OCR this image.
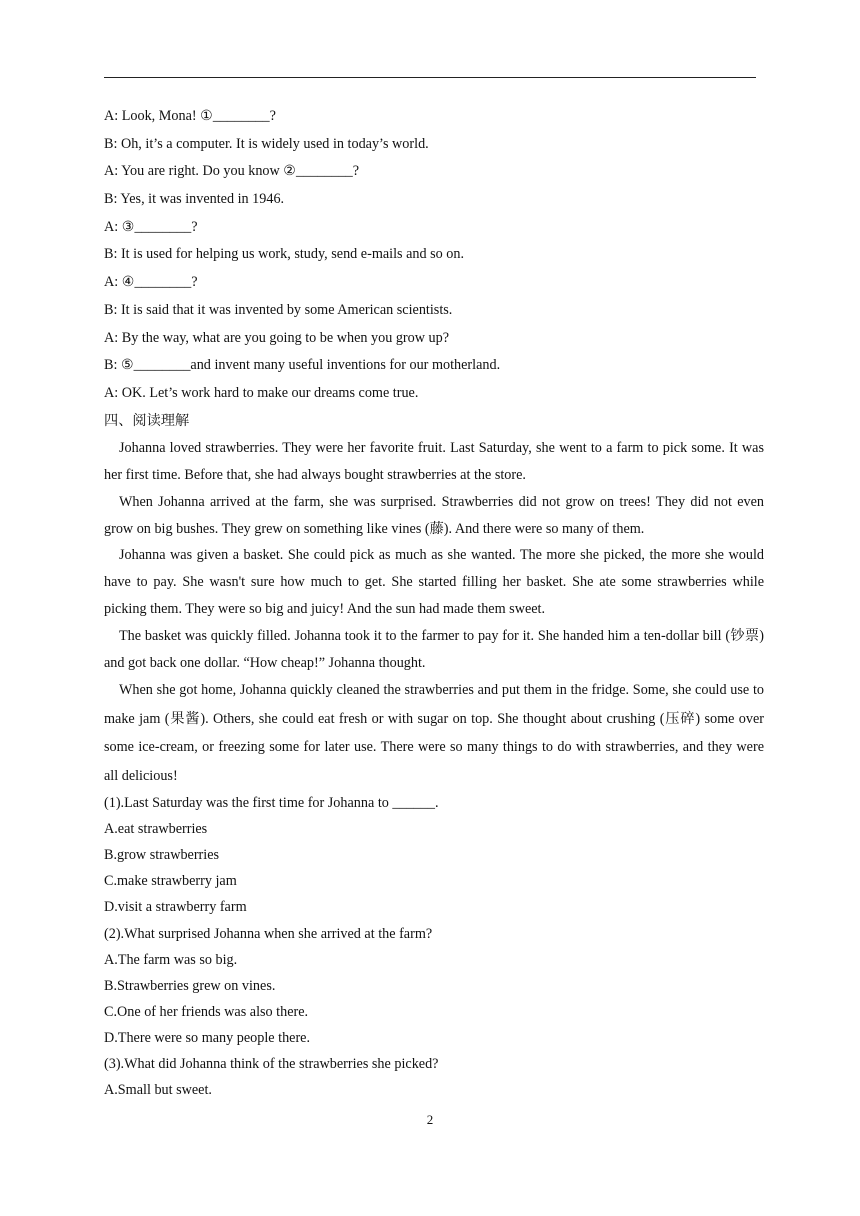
A: Look, Mona! ①________?

B: Oh, it’s a computer. It is widely used in today’s world.

A: You are right. Do you know ②________?

B: Yes, it was invented in 1946.

A: ③________?

B: It is used for helping us work, study, send e-mails and so on.

A: ④________?

B: It is said that it was invented by some American scientists.

A: By the way, what are you going to be when you grow up?

B: ⑤________and invent many useful inventions for our motherland.

A: OK. Let’s work hard to make our dreams come true.

四、阅读理解

Johanna loved strawberries. They were her favorite fruit. Last Saturday, she went to a farm to pick some. It was her first time. Before that, she had always bought strawberries at the store.

When Johanna arrived at the farm, she was surprised. Strawberries did not grow on trees! They did not even grow on big bushes. They grew on something like vines (藤). And there were so many of them.

Johanna was given a basket. She could pick as much as she wanted. The more she picked, the more she would have to pay. She wasn't sure how much to get. She started filling her basket. She ate some strawberries while picking them. They were so big and juicy! And the sun had made them sweet.

The basket was quickly filled. Johanna took it to the farmer to pay for it. She handed him a ten-dollar bill (钞票) and got back one dollar. “How cheap!” Johanna thought.

When she got home, Johanna quickly cleaned the strawberries and put them in the fridge. Some, she could use to make jam (果酱). Others, she could eat fresh or with sugar on top. She thought about crushing (压碎) some over some ice-cream, or freezing some for later use. There were so many things to do with strawberries, and they were all delicious!

(1).Last Saturday was the first time for Johanna to ______.

A.eat strawberries

B.grow strawberries

C.make strawberry jam

D.visit a strawberry farm

(2).What surprised Johanna when she arrived at the farm?

A.The farm was so big.

B.Strawberries grew on vines.

C.One of her friends was also there.

D.There were so many people there.

(3).What did Johanna think of the strawberries she picked?

A.Small but sweet.

2
